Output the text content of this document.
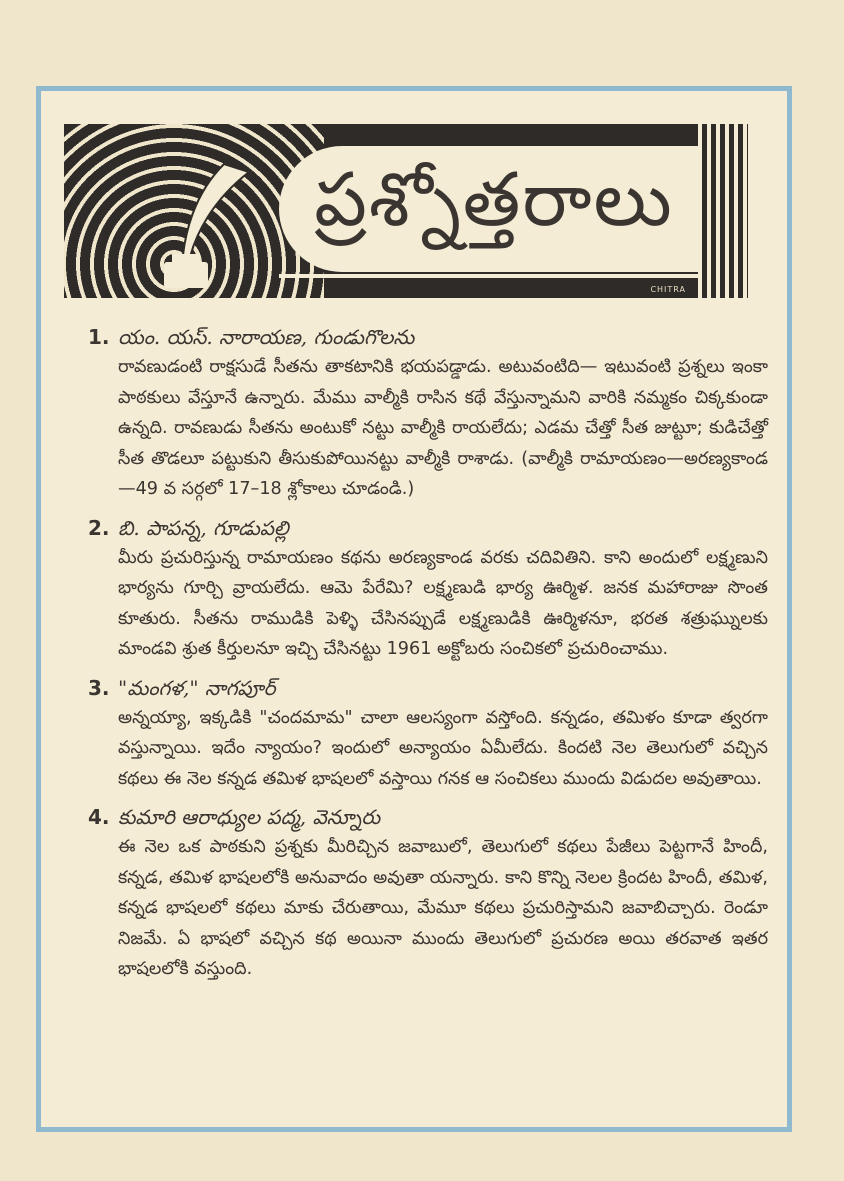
ప్రశ్నోత్తరాలు
CHITRA
1. యం. యస్. నారాయణ, గుండుగొలను
రావణుడంటి రాక్షసుడే సీతను తాకటానికి భయపడ్డాడు. అటువంటిది— ఇటువంటి ప్రశ్నలు ఇంకా పాఠకులు వేస్తూనే ఉన్నారు. మేము వాల్మీకి రాసిన కథే వేస్తున్నామని వారికి నమ్మకం చిక్కకుండా ఉన్నది. రావణుడు సీతను అంటుకో నట్టు వాల్మీకి రాయలేదు; ఎడమ చేత్తో సీత జుట్టూ; కుడిచేత్తో సీత తొడలూ పట్టుకుని తీసుకుపోయినట్టు వాల్మీకి రాశాడు. (వాల్మీకి రామాయణం—అరణ్యకాండ—49 వ సర్గలో 17–18 శ్లోకాలు చూడండి.)
2. బి. పాపన్న, గూడుపల్లి
మీరు ప్రచురిస్తున్న రామాయణం కథను అరణ్యకాండ వరకు చదివితిని. కాని అందులో లక్ష్మణుని భార్యను గూర్చి వ్రాయలేదు. ఆమె పేరేమి? లక్ష్మణుడి భార్య ఊర్మిళ. జనక మహారాజు సొంత కూతురు. సీతను రాముడికి పెళ్ళి చేసినప్పుడే లక్ష్మణుడికి ఊర్మిళనూ, భరత శత్రుఘ్నులకు మాండవి శ్రుత కీర్తులనూ ఇచ్చి చేసినట్టు 1961 అక్టోబరు సంచికలో ప్రచురించాము.
3. "మంగళ," నాగపూర్
అన్నయ్యా, ఇక్కడికి "చందమామ" చాలా ఆలస్యంగా వస్తోంది. కన్నడం, తమిళం కూడా త్వరగా వస్తున్నాయి. ఇదేం న్యాయం? ఇందులో అన్యాయం ఏమీలేదు. కిందటి నెల తెలుగులో వచ్చిన కథలు ఈ నెల కన్నడ తమిళ భాషలలో వస్తాయి గనక ఆ సంచికలు ముందు విడుదల అవుతాయి.
4. కుమారి ఆరాధ్యుల పద్మ, వెన్నూరు
ఈ నెల ఒక పాఠకుని ప్రశ్నకు మీరిచ్చిన జవాబులో, తెలుగులో కథలు పేజీలు పెట్టగానే హిందీ, కన్నడ, తమిళ భాషలలోకి అనువాదం అవుతా యన్నారు. కాని కొన్ని నెలల క్రిందట హిందీ, తమిళ, కన్నడ భాషలలో కథలు మాకు చేరుతాయి, మేమూ కథలు ప్రచురిస్తామని జవాబిచ్చారు. రెండూ నిజమే. ఏ భాషలో వచ్చిన కథ అయినా ముందు తెలుగులో ప్రచురణ అయి తరవాత ఇతర భాషలలోకి వస్తుంది.
